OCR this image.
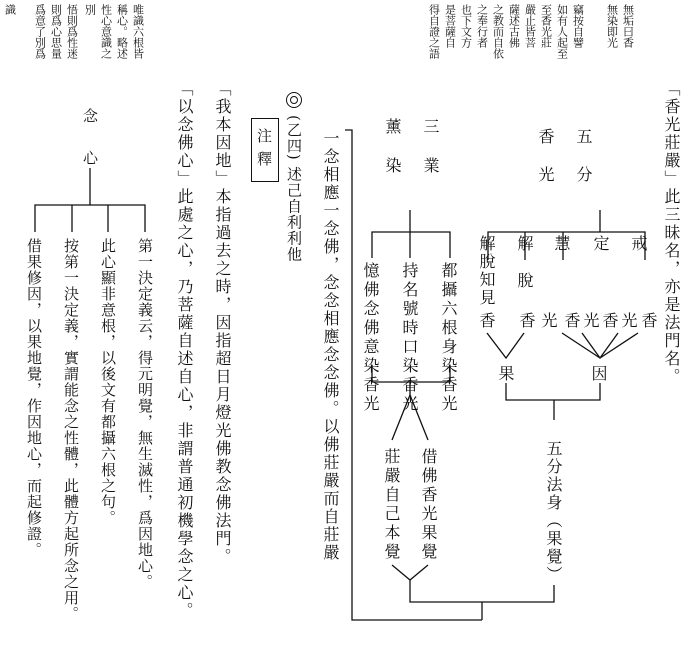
「香光莊嚴」此三昧名，亦是法門名。
一念相應一念佛，念念相應念念佛。以佛莊嚴而自莊嚴	五
分
香
光
戒
定
慧
解
脫
解脫知見
香
光
香
光
香
光
香
香
果	因
五分法身（果覺）
三
業
薰
染
都攝六根身染香光
持名號時口染香光
憶佛念佛意染香光
借佛香光果覺
莊嚴自己本覺
(乙四) 述己自利利他
注釋
「我本因地」本指過去之時，因指超日月燈光佛教念佛法門。
「以念佛心」此處之心，乃菩薩自述自心，非謂普通初機學念之心。
念
心
第一決定義云，得元明覺，無生滅性，爲因地心。
此心顯非意根，以後文有都攝六根之句。
按第一決定義，實謂能念之性體，此體方起所念之用。
借果修因，以果地覺，作因地心，而起修證。
無垢曰香
無染即光
竊按自譬
如有人起至
至香光莊
嚴止皆菩
薩述古佛
之教而自依
之奉行者
也下文方
是菩薩自
得自證之語
唯識六根皆
稱心。略述
性心意識之
別
悟則爲性迷
則爲心思量
爲意了別爲
識
